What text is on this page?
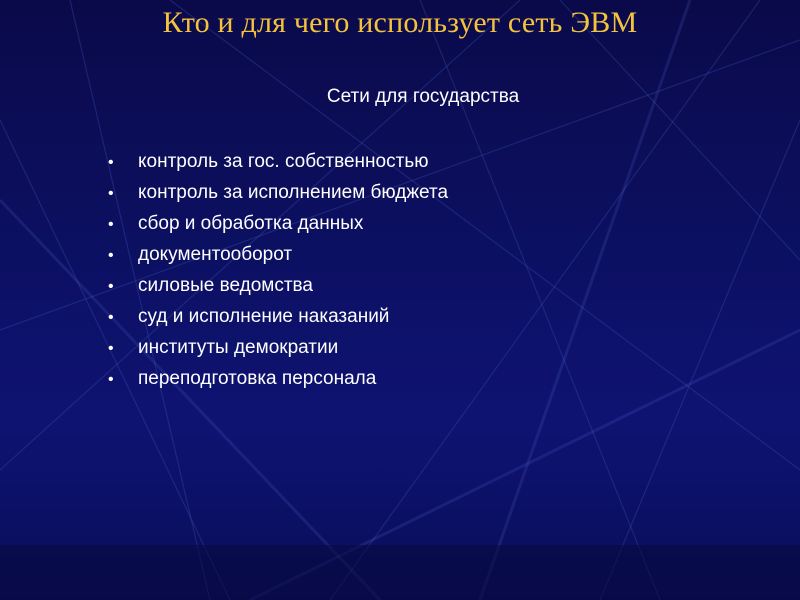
Кто и для чего использует сеть ЭВМ
Сети для государства
• контроль за гос. собственностью
• контроль за исполнением бюджета
• сбор и обработка данных
• документооборот
• силовые ведомства
• суд и исполнение наказаний
• институты демократии
• переподготовка персонала
